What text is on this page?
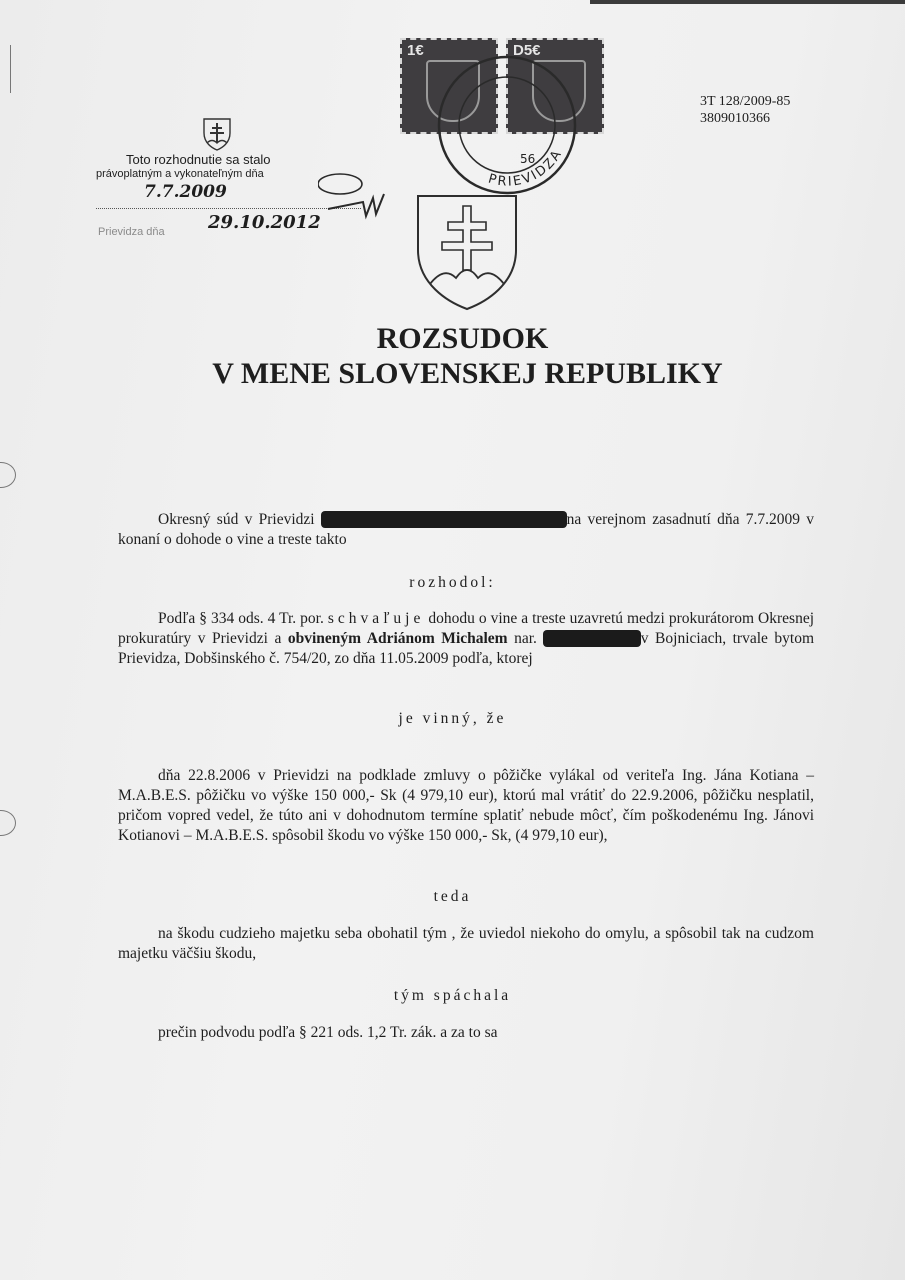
1€	D5€
PRIEVIDZA
56
Toto rozhodnutie sa stalo
právoplatným a vykonateľným dňa
7.7.2009
29.10.2012
Prievidza dňa
3T 128/2009-85
3809010366
ROZSUDOK
V MENE SLOVENSKEJ REPUBLIKY
Okresný súd v Prievidzi	na verejnom zasadnutí dňa 7.7.2009 v konaní o dohode o vine a treste takto
rozhodol:
Podľa § 334 ods. 4 Tr. por. schvaľuje dohodu o vine a treste uzavretú medzi prokurátorom Okresnej prokuratúry v Prievidzi a obvineným Adriánom Michalem nar.	v Bojniciach, trvale bytom Prievidza, Dobšinského č. 754/20, zo dňa 11.05.2009 podľa, ktorej
je vinný, že
dňa 22.8.2006 v Prievidzi na podklade zmluvy o pôžičke vylákal od veriteľa Ing. Jána Kotiana – M.A.B.E.S. pôžičku vo výške 150 000,- Sk (4 979,10 eur), ktorú mal vrátiť do 22.9.2006, pôžičku nesplatil, pričom vopred vedel, že túto ani v dohodnutom termíne splatiť nebude môcť, čím poškodenému Ing. Jánovi Kotianovi – M.A.B.E.S. spôsobil škodu vo výške 150 000,- Sk, (4 979,10 eur),
teda
na škodu cudzieho majetku seba obohatil tým , že uviedol niekoho do omylu, a spôsobil tak na cudzom majetku väčšiu škodu,
tým spáchala
prečin podvodu podľa § 221 ods. 1,2 Tr. zák. a za to sa
